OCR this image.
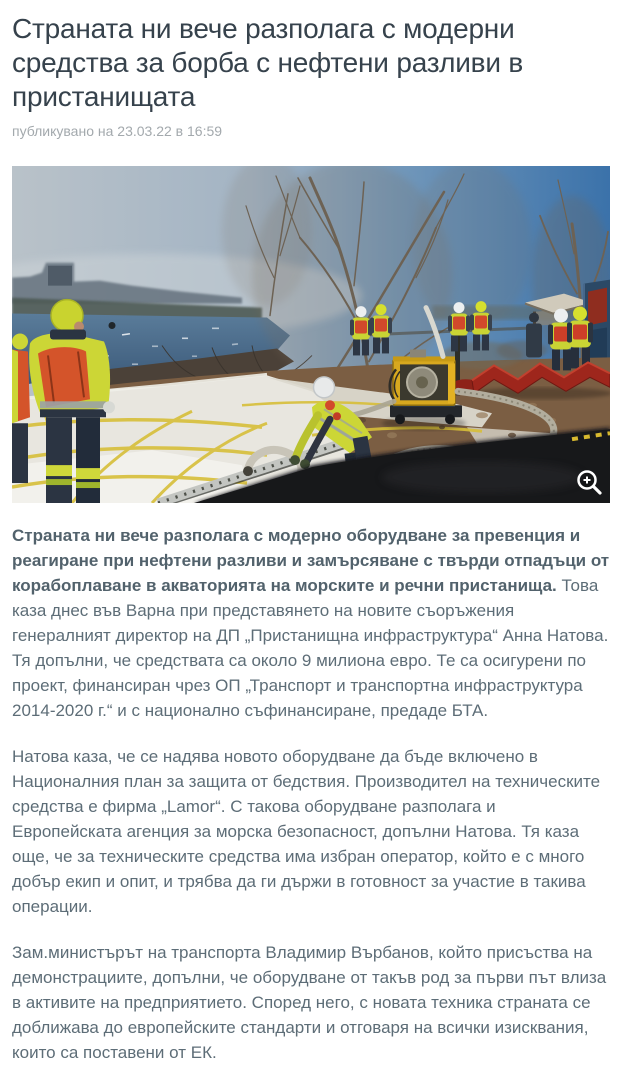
Страната ни вече разполага с модерни средства за борба с нефтени разливи в пристанищата
публикувано на 23.03.22 в 16:59

Страната ни вече разполага с модерно оборудване за превенция и реагиране при нефтени разливи и замърсяване с твърди отпадъци от корабоплаване в акваторията на морските и речни пристанища. Това каза днес във Варна при представянето на новите съоръжения генералният директор на ДП „Пристанищна инфраструктура“ Анна Натова. Тя допълни, че средствата са около 9 милиона евро. Те са осигурени по проект, финансиран чрез ОП „Транспорт и транспортна инфраструктура 2014-2020 г.“ и с национално съфинансиране, предаде БТА.

Натова каза, че се надява новото оборудване да бъде включено в Националния план за защита от бедствия. Производител на техническите средства е фирма „Lamor“. С такова оборудване разполага и Европейската агенция за морска безопасност, допълни Натова. Тя каза още, че за техническите средства има избран оператор, който е с много добър екип и опит, и трябва да ги държи в готовност за участие в такива операции.

Зам.министърът на транспорта Владимир Върбанов, който присъства на демонстрациите, допълни, че оборудване от такъв род за първи път влиза в активите на предприятието. Според него, с новата техника страната се доближава до европейските стандарти и отговаря на всички изисквания, които са поставени от ЕК.
